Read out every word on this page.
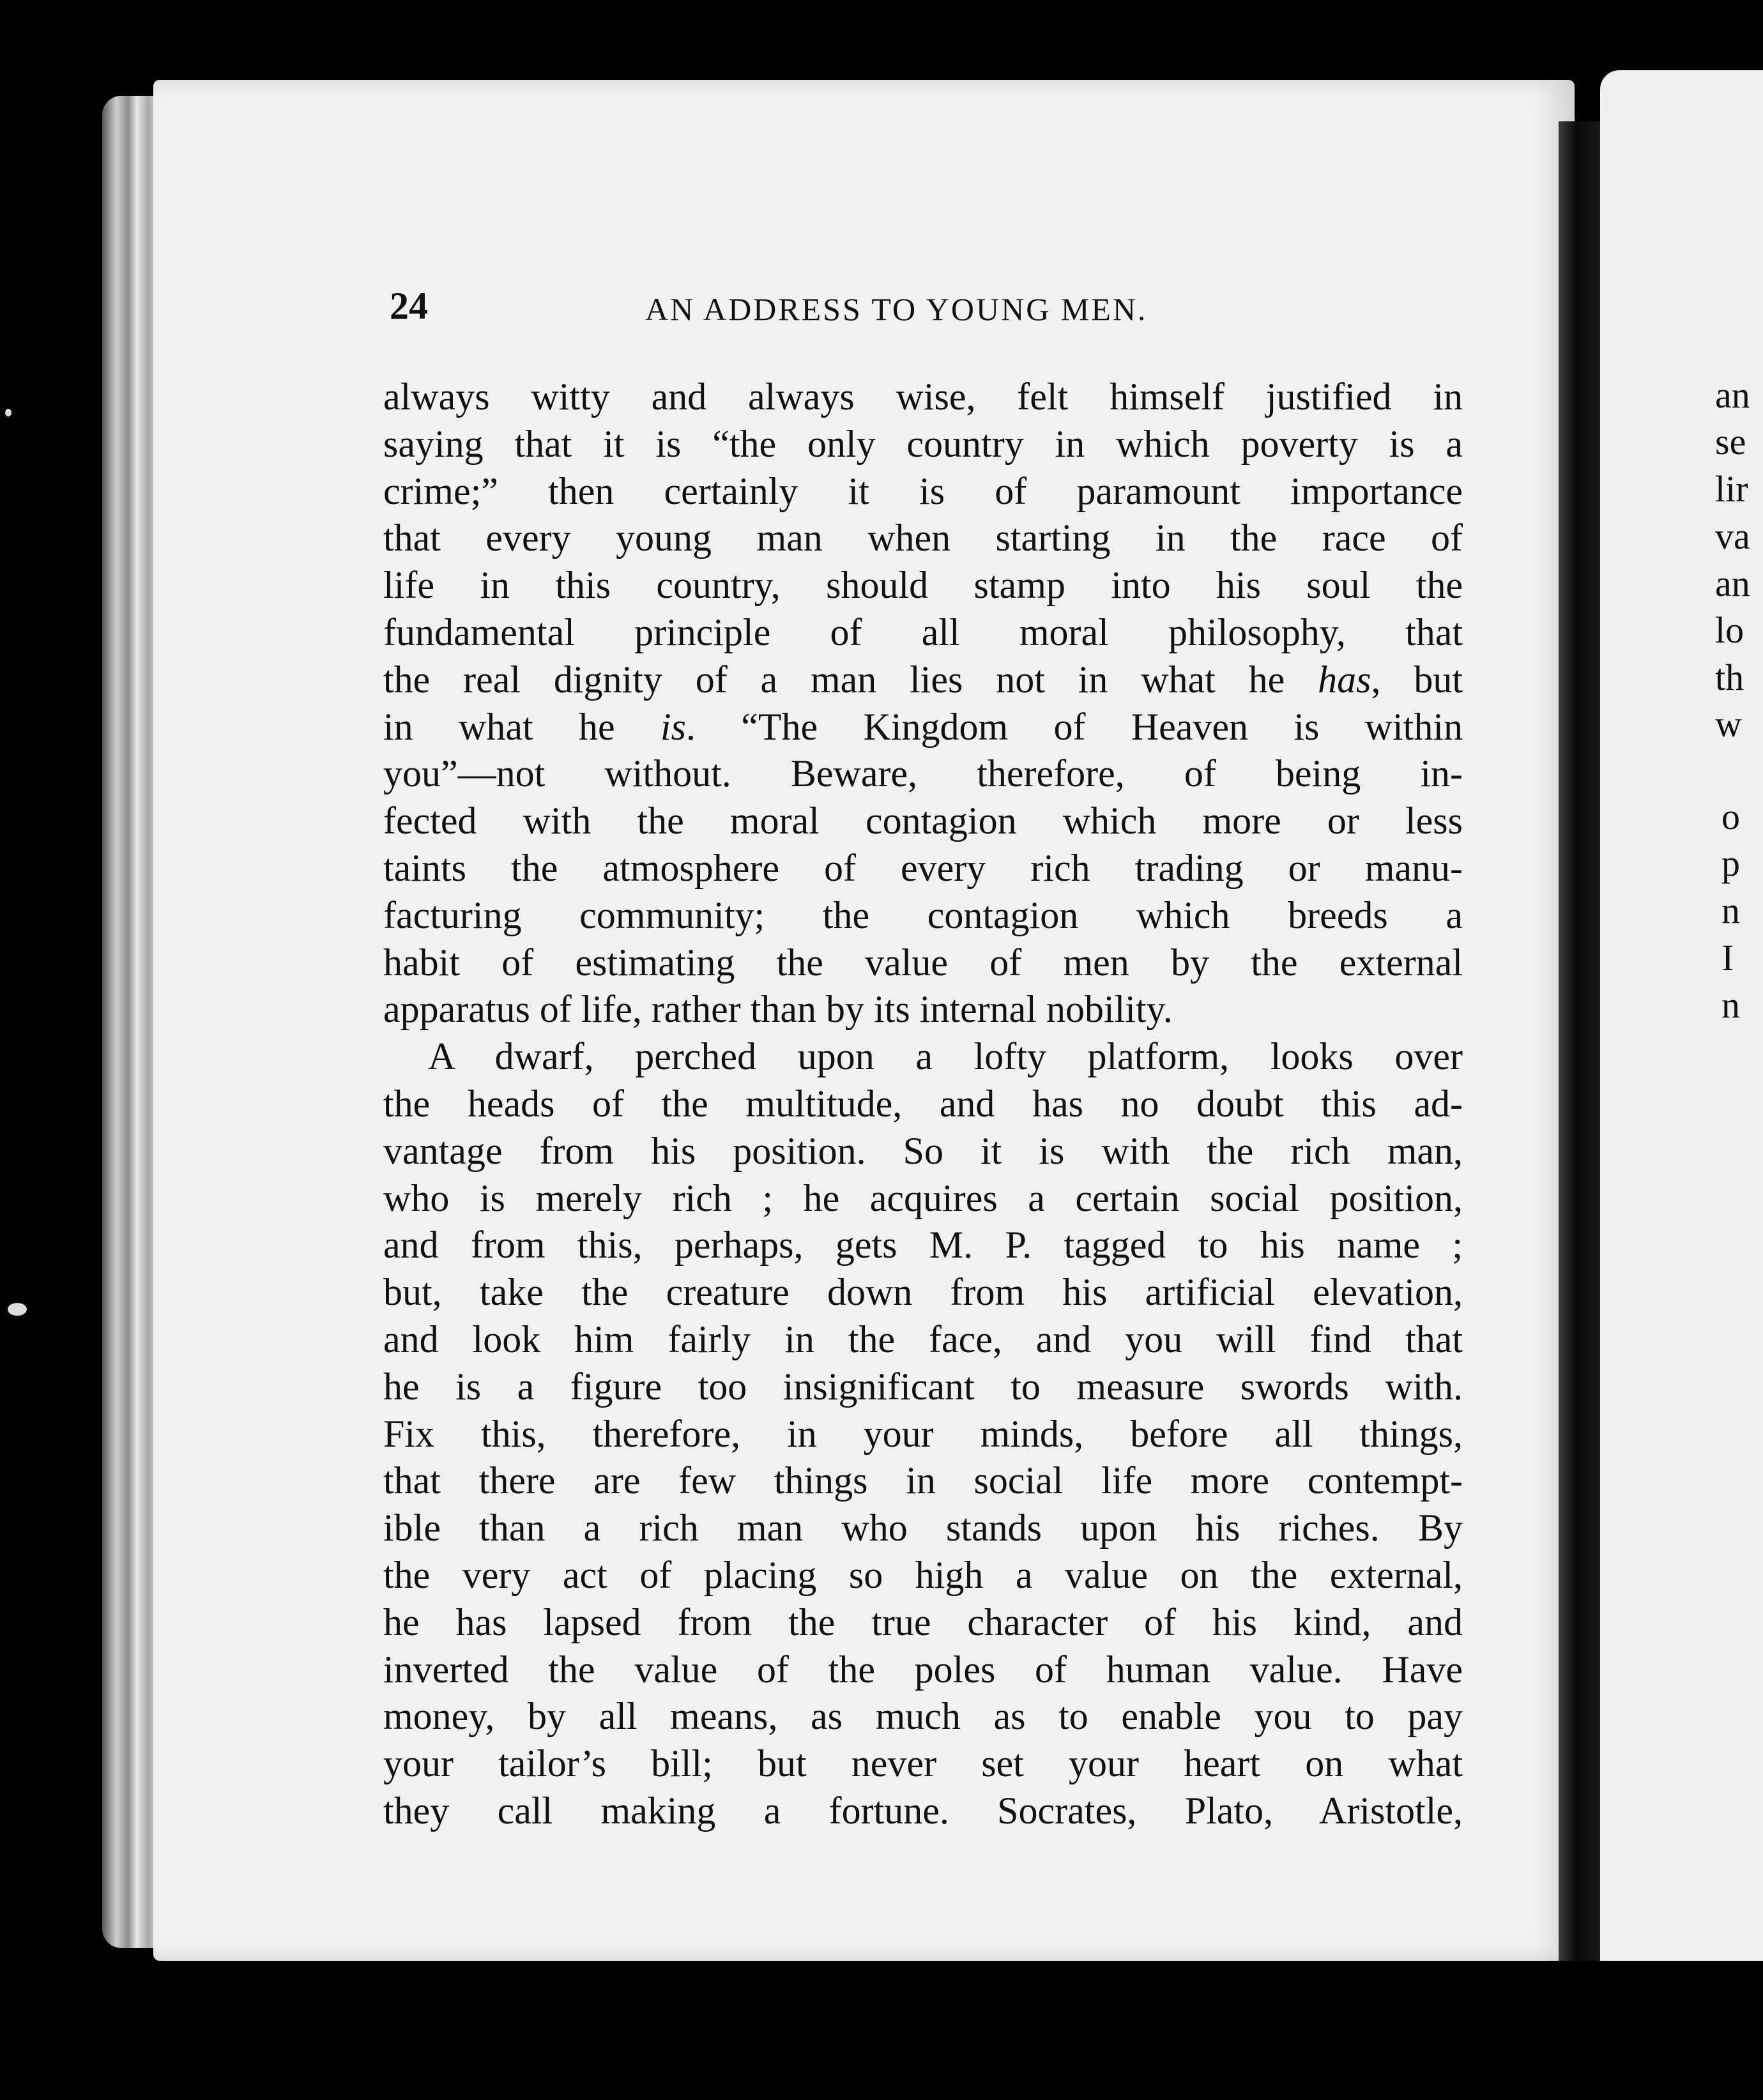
an
se
lir
va
an
lo
th
w
o
p
n
I
n
24	AN ADDRESS TO YOUNG MEN.
always witty and always wise, felt himself justified in
saying that it is “the only country in which poverty is a
crime;” then certainly it is of paramount importance
that every young man when starting in the race of
life in this country, should stamp into his soul the
fundamental principle of all moral philosophy, that
the real dignity of a man lies not in what he has, but
in what he is. “The Kingdom of Heaven is within
you”—not without. Beware, therefore, of being in-
fected with the moral contagion which more or less
taints the atmosphere of every rich trading or manu-
facturing community; the contagion which breeds a
habit of estimating the value of men by the external
apparatus of life, rather than by its internal nobility.
A dwarf, perched upon a lofty platform, looks over
the heads of the multitude, and has no doubt this ad-
vantage from his position. So it is with the rich man,
who is merely rich ; he acquires a certain social position,
and from this, perhaps, gets M. P. tagged to his name ;
but, take the creature down from his artificial elevation,
and look him fairly in the face, and you will find that
he is a figure too insignificant to measure swords with.
Fix this, therefore, in your minds, before all things,
that there are few things in social life more contempt-
ible than a rich man who stands upon his riches. By
the very act of placing so high a value on the external,
he has lapsed from the true character of his kind, and
inverted the value of the poles of human value. Have
money, by all means, as much as to enable you to pay
your tailor’s bill; but never set your heart on what
they call making a fortune. Socrates, Plato, Aristotle,
